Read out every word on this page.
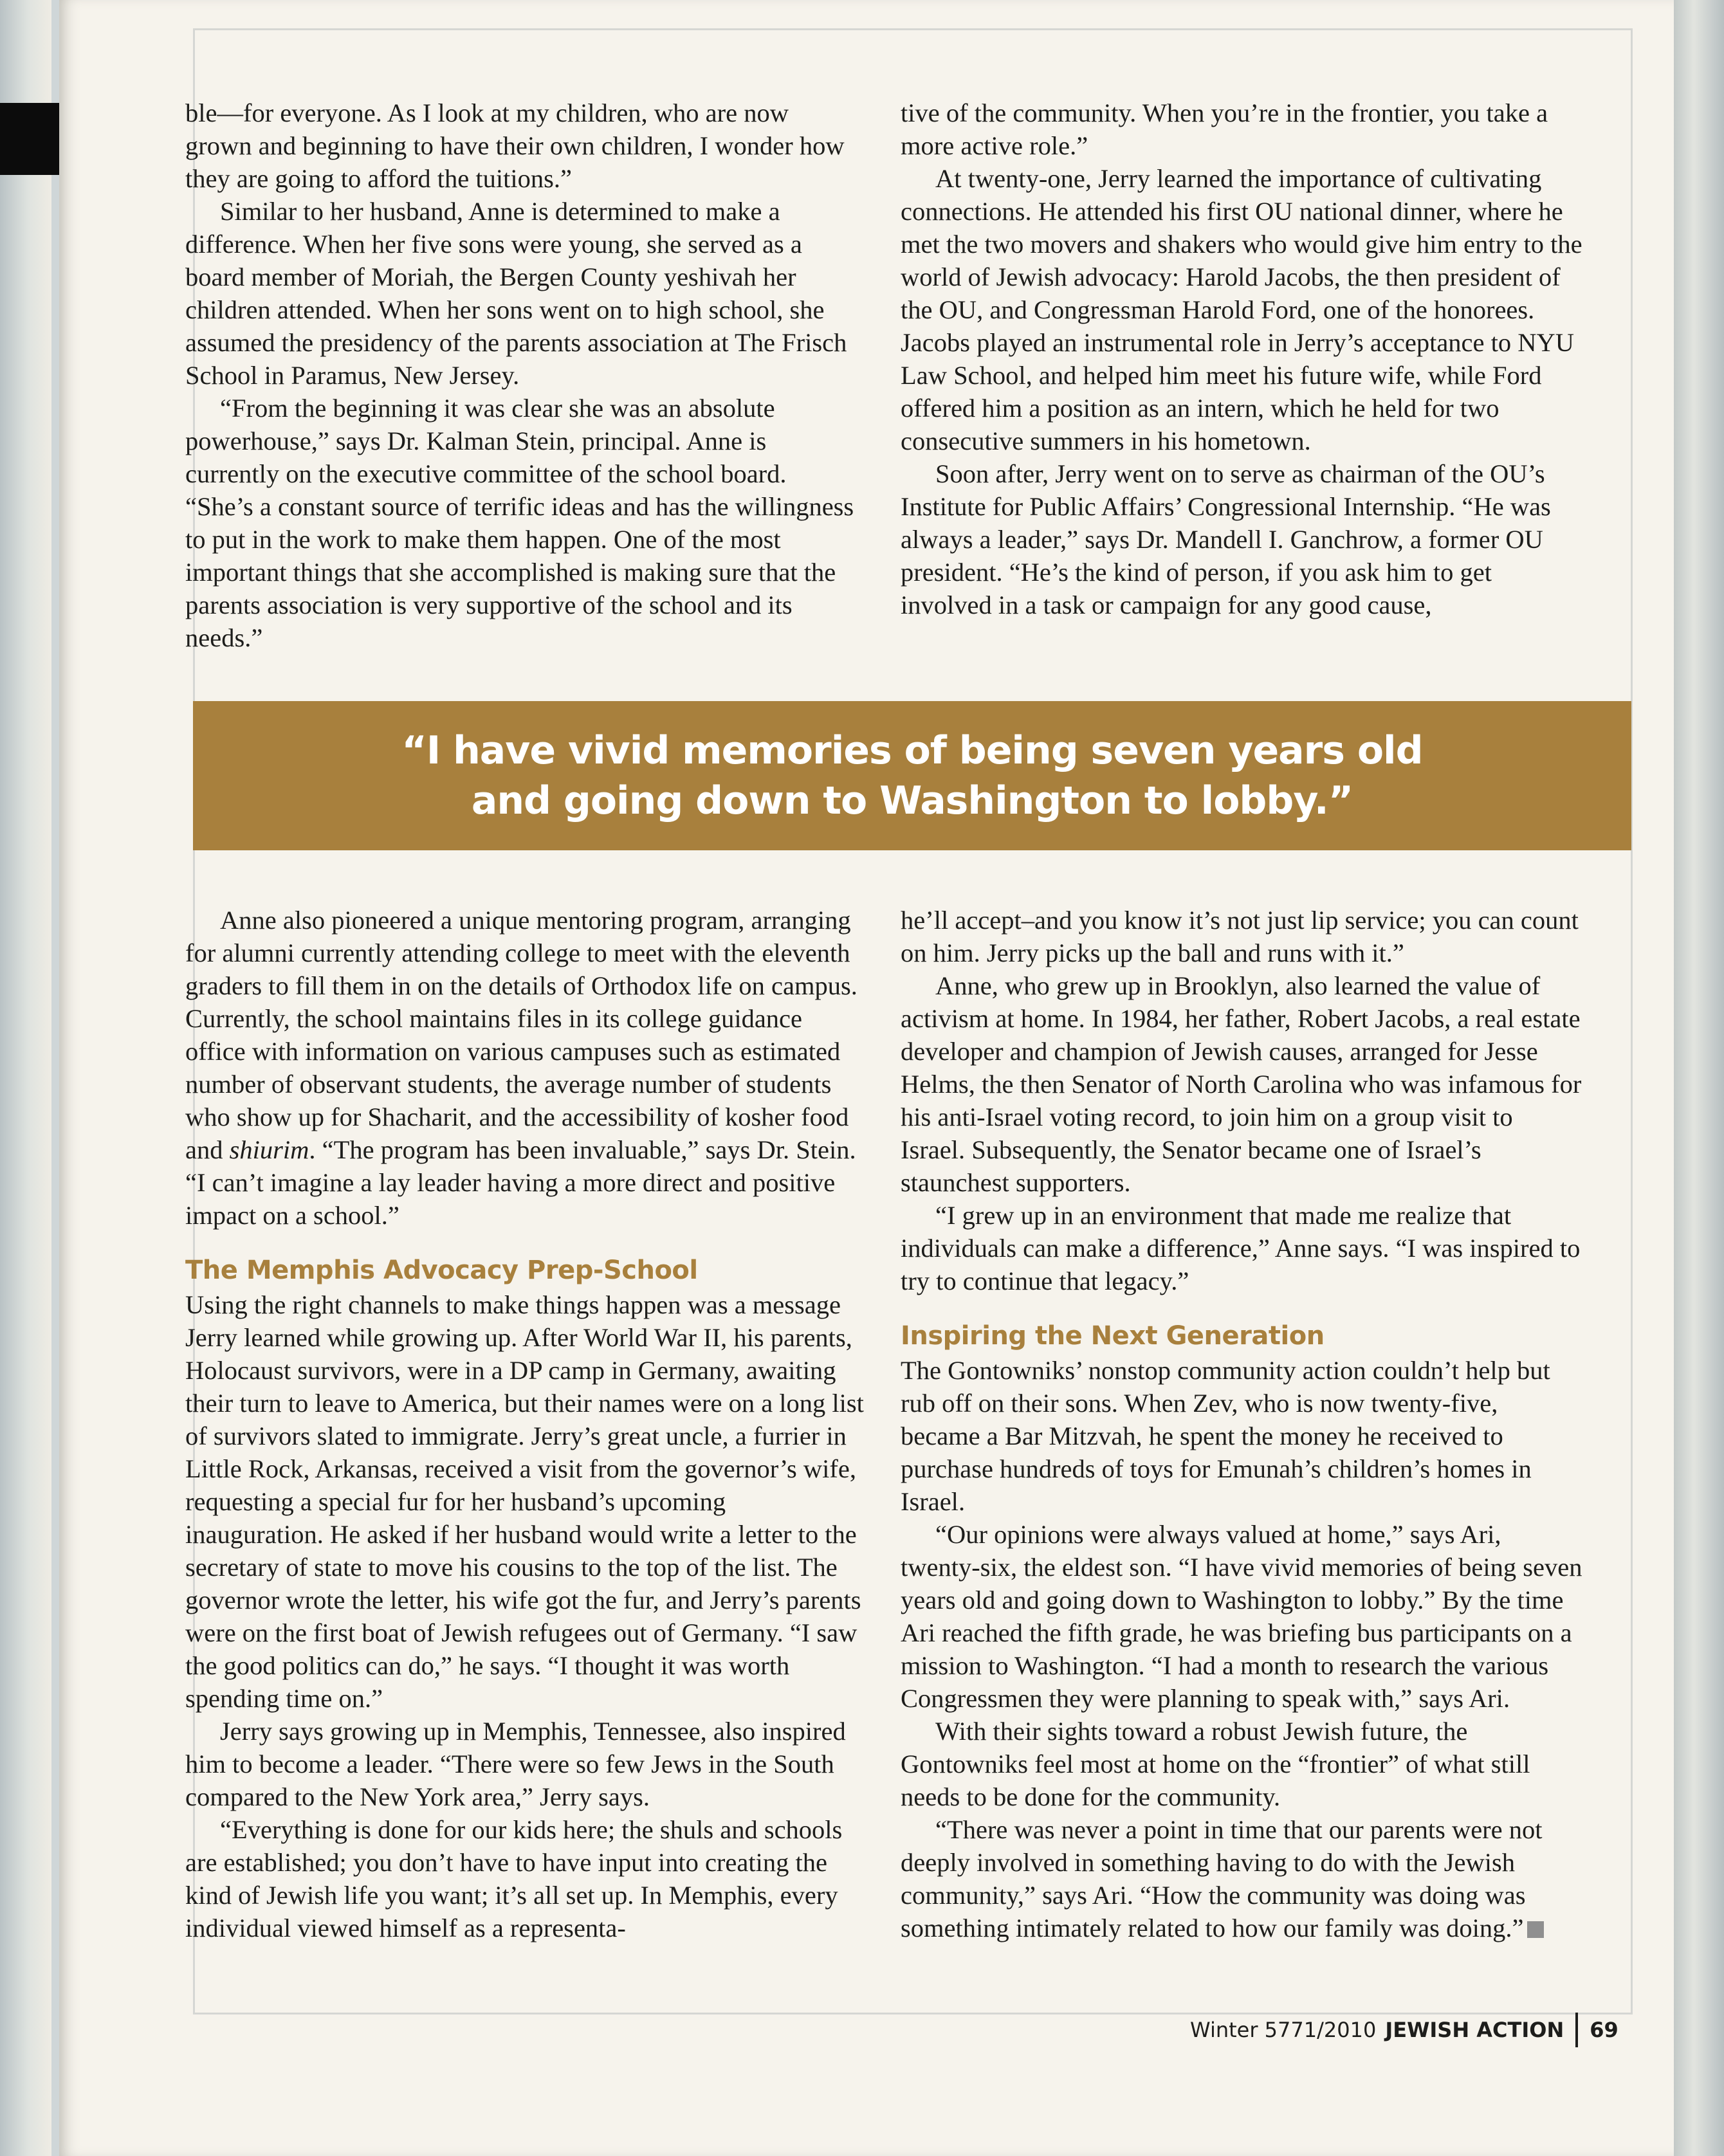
ble—for everyone. As I look at my children, who are now grown and beginning to have their own children, I wonder how they are going to afford the tuitions.”

Similar to her husband, Anne is determined to make a difference. When her five sons were young, she served as a board member of Moriah, the Bergen County yeshivah her children attended. When her sons went on to high school, she assumed the presidency of the parents association at The Frisch School in Paramus, New Jersey.

“From the beginning it was clear she was an absolute powerhouse,” says Dr. Kalman Stein, principal. Anne is currently on the executive committee of the school board. “She’s a constant source of terrific ideas and has the willingness to put in the work to make them happen. One of the most important things that she accomplished is making sure that the parents association is very supportive of the school and its needs.”

tive of the community. When you’re in the frontier, you take a more active role.”

At twenty-one, Jerry learned the importance of cultivating connections. He attended his first OU national dinner, where he met the two movers and shakers who would give him entry to the world of Jewish advocacy: Harold Jacobs, the then president of the OU, and Congressman Harold Ford, one of the honorees. Jacobs played an instrumental role in Jerry’s acceptance to NYU Law School, and helped him meet his future wife, while Ford offered him a position as an intern, which he held for two consecutive summers in his hometown.

Soon after, Jerry went on to serve as chairman of the OU’s Institute for Public Affairs’ Congressional Internship. “He was always a leader,” says Dr. Mandell I. Ganchrow, a former OU president. “He’s the kind of person, if you ask him to get involved in a task or campaign for any good cause,

“I have vivid memories of being seven years old
and going down to Washington to lobby.”

Anne also pioneered a unique mentoring program, arranging for alumni currently attending college to meet with the eleventh graders to fill them in on the details of Orthodox life on campus. Currently, the school maintains files in its college guidance office with information on various campuses such as estimated number of observant students, the average number of students who show up for Shacharit, and the accessibility of kosher food and shiurim. “The program has been invaluable,” says Dr. Stein. “I can’t imagine a lay leader having a more direct and positive impact on a school.”

The Memphis Advocacy Prep-School

Using the right channels to make things happen was a message Jerry learned while growing up. After World War II, his parents, Holocaust survivors, were in a DP camp in Germany, awaiting their turn to leave to America, but their names were on a long list of survivors slated to immigrate. Jerry’s great uncle, a furrier in Little Rock, Arkansas, received a visit from the governor’s wife, requesting a special fur for her husband’s upcoming inauguration. He asked if her husband would write a letter to the secretary of state to move his cousins to the top of the list. The governor wrote the letter, his wife got the fur, and Jerry’s parents were on the first boat of Jewish refugees out of Germany. “I saw the good politics can do,” he says. “I thought it was worth spending time on.”

Jerry says growing up in Memphis, Tennessee, also inspired him to become a leader. “There were so few Jews in the South compared to the New York area,” Jerry says.

“Everything is done for our kids here; the shuls and schools are established; you don’t have to have input into creating the kind of Jewish life you want; it’s all set up. In Memphis, every individual viewed himself as a representa-

he’ll accept–and you know it’s not just lip service; you can count on him. Jerry picks up the ball and runs with it.”

Anne, who grew up in Brooklyn, also learned the value of activism at home. In 1984, her father, Robert Jacobs, a real estate developer and champion of Jewish causes, arranged for Jesse Helms, the then Senator of North Carolina who was infamous for his anti-Israel voting record, to join him on a group visit to Israel. Subsequently, the Senator became one of Israel’s staunchest supporters.

“I grew up in an environment that made me realize that individuals can make a difference,” Anne says. “I was inspired to try to continue that legacy.”

Inspiring the Next Generation

The Gontowniks’ nonstop community action couldn’t help but rub off on their sons. When Zev, who is now twenty-five, became a Bar Mitzvah, he spent the money he received to purchase hundreds of toys for Emunah’s children’s homes in Israel.

“Our opinions were always valued at home,” says Ari, twenty-six, the eldest son. “I have vivid memories of being seven years old and going down to Washington to lobby.” By the time Ari reached the fifth grade, he was briefing bus participants on a mission to Washington. “I had a month to research the various Congressmen they were planning to speak with,” says Ari.

With their sights toward a robust Jewish future, the Gontowniks feel most at home on the “frontier” of what still needs to be done for the community.

“There was never a point in time that our parents were not deeply involved in something having to do with the Jewish community,” says Ari. “How the community was doing was something intimately related to how our family was doing.”

Winter 5771/2010 JEWISH ACTION 69
